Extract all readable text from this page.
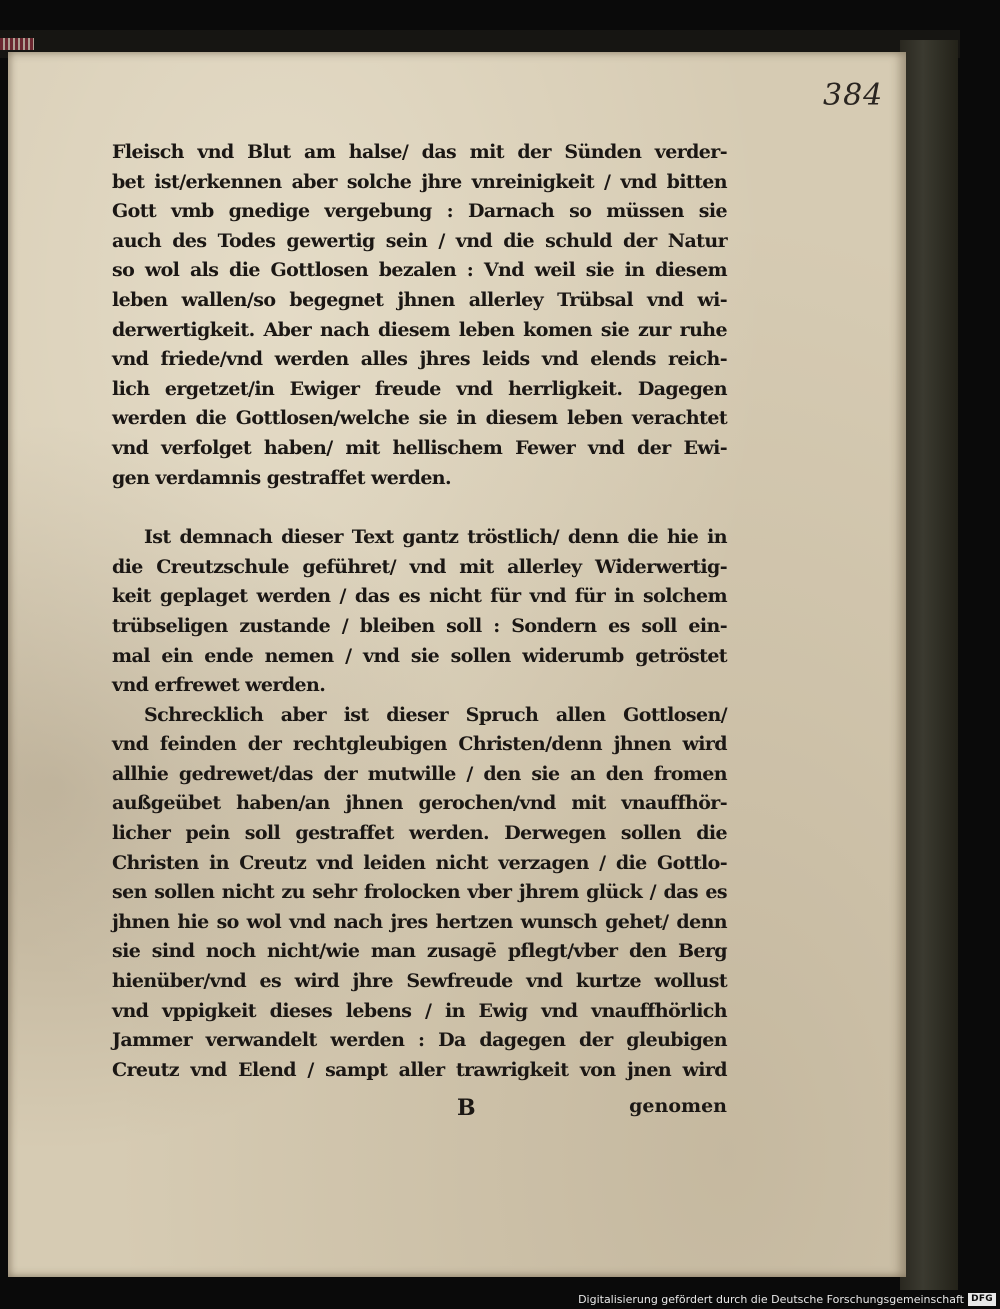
384
Fleisch vnd Blut am halse/ das mit der Sünden verder-
bet ist/erkennen aber solche jhre vnreinigkeit / vnd bitten
Gott vmb gnedige vergebung : Darnach so müssen sie
auch des Todes gewertig sein / vnd die schuld der Natur
so wol als die Gottlosen bezalen : Vnd weil sie in diesem
leben wallen/so begegnet jhnen allerley Trübsal vnd wi-
derwertigkeit. Aber nach diesem leben komen sie zur ruhe
vnd friede/vnd werden alles jhres leids vnd elends reich-
lich ergetzet/in Ewiger freude vnd herrligkeit. Dagegen
werden die Gottlosen/welche sie in diesem leben verachtet
vnd verfolget haben/ mit hellischem Fewer vnd der Ewi-
gen verdamnis gestraffet werden.
Ist demnach dieser Text gantz tröstlich/ denn die hie in
die Creutzschule geführet/ vnd mit allerley Widerwertig-
keit geplaget werden / das es nicht für vnd für in solchem
trübseligen zustande / bleiben soll : Sondern es soll ein-
mal ein ende nemen / vnd sie sollen widerumb getröstet
vnd erfrewet werden.
Schrecklich aber ist dieser Spruch allen Gottlosen/
vnd feinden der rechtgleubigen Christen/denn jhnen wird
allhie gedrewet/das der mutwille / den sie an den fromen
außgeübet haben/an jhnen gerochen/vnd mit vnauffhör-
licher pein soll gestraffet werden. Derwegen sollen die
Christen in Creutz vnd leiden nicht verzagen / die Gottlo-
sen sollen nicht zu sehr frolocken vber jhrem glück / das es
jhnen hie so wol vnd nach jres hertzen wunsch gehet/ denn
sie sind noch nicht/wie man zusagē pflegt/vber den Berg
hienüber/vnd es wird jhre Sewfreude vnd kurtze wollust
vnd vppigkeit dieses lebens / in Ewig vnd vnauffhörlich
Jammer verwandelt werden : Da dagegen der gleubigen
Creutz vnd Elend / sampt aller trawrigkeit von jnen wird
B	genomen
Digitalisierung gefördert durch die Deutsche Forschungsgemeinschaft DFG
